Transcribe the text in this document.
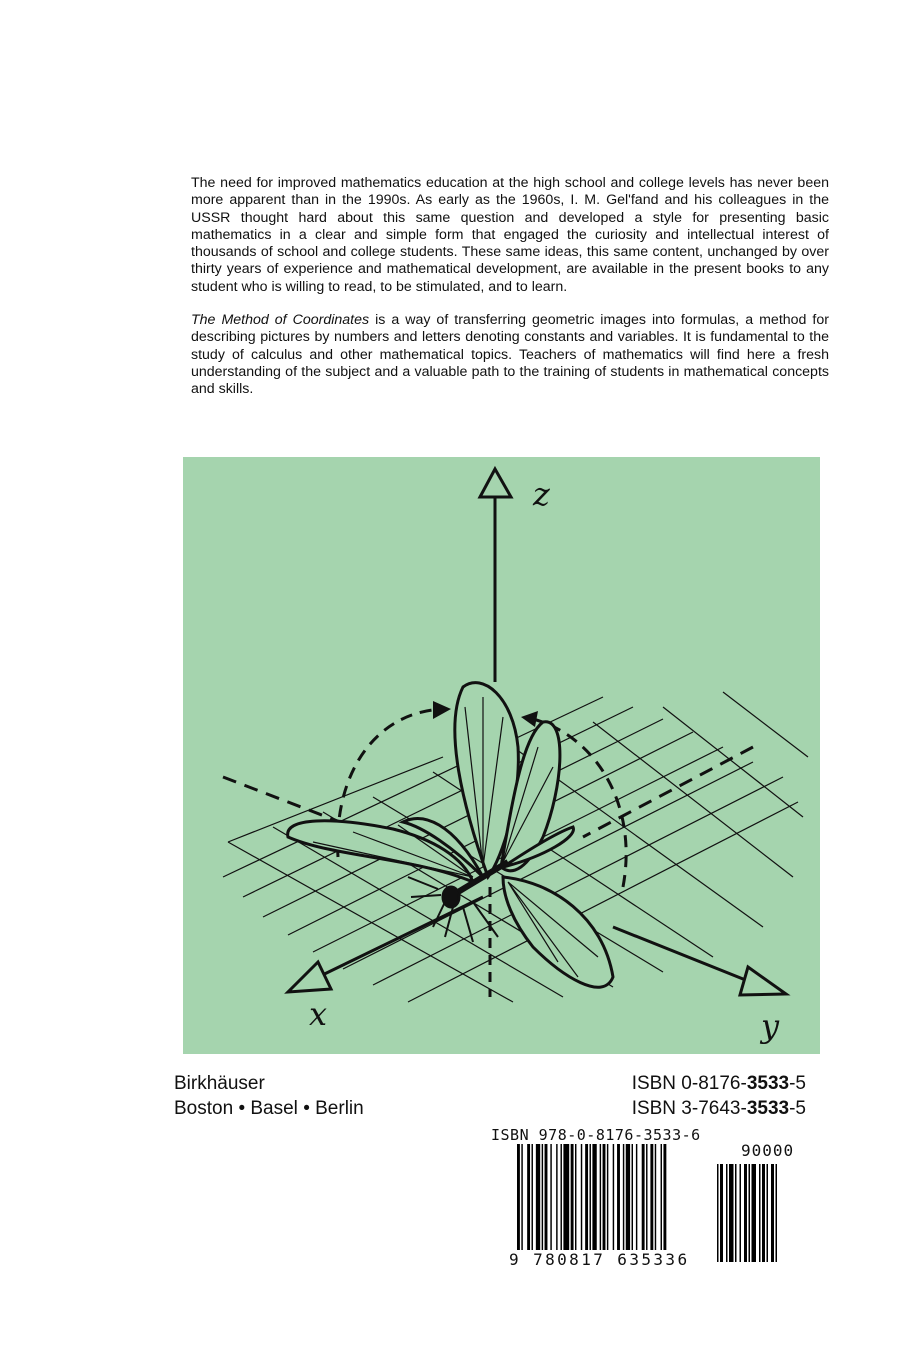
The need for improved mathematics education at the high school and college levels has never been more apparent than in the 1990s. As early as the 1960s, I. M. Gel'fand and his colleagues in the USSR thought hard about this same question and developed a style for presenting basic mathematics in a clear and simple form that engaged the curiosity and intellectual interest of thousands of school and college students. These same ideas, this same content, unchanged by over thirty years of experience and mathematical development, are available in the present books to any student who is willing to read, to be stimulated, and to learn.

The Method of Coordinates is a way of transferring geometric images into formulas, a method for describing pictures by numbers and letters denoting constants and variables. It is fundamental to the study of calculus and other mathematical topics. Teachers of mathematics will find here a fresh understanding of the subject and a valuable path to the training of students in mathematical concepts and skills.

z
x	y
Birkhäuser
Boston • Basel • Berlin
ISBN 0-8176-3533-5
ISBN 3-7643-3533-5
ISBN 978-0-8176-3533-6
90000
9 780817 635336
